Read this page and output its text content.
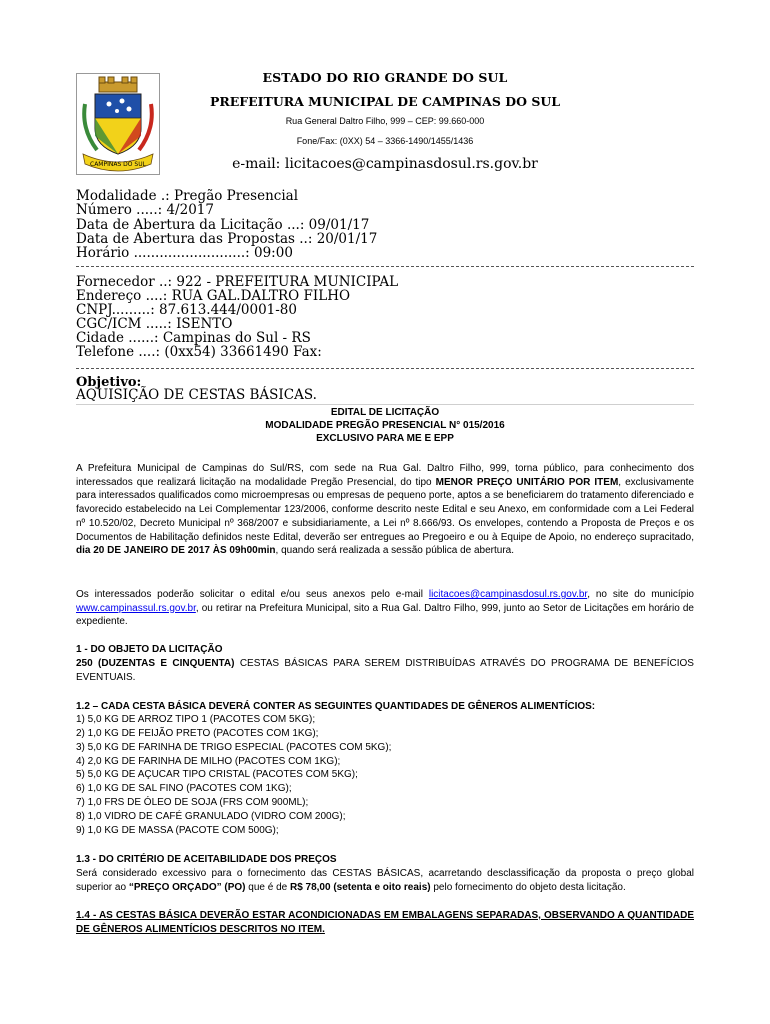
CAMPINAS DO SUL
ESTADO DO RIO GRANDE DO SUL
PREFEITURA MUNICIPAL DE CAMPINAS DO SUL
Rua General Daltro Filho, 999 – CEP: 99.660-000
Fone/Fax: (0XX) 54 – 3366-1490/1455/1436
e-mail: licitacoes@campinasdosul.rs.gov.br
Modalidade .: Pregão Presencial
Número .....: 4/2017
Data de Abertura da Licitação ...: 09/01/17
Data de Abertura das Propostas ..: 20/01/17
Horário ..........................: 09:00
Fornecedor ..: 922 - PREFEITURA MUNICIPAL
Endereço ....: RUA GAL.DALTRO FILHO
CNPJ.........: 87.613.444/0001-80
CGC/ICM .....: ISENTO
Cidade ......: Campinas do Sul - RS
Telefone ....: (0xx54) 33661490 Fax:
Objetivo:
AQUISIÇÃO DE CESTAS BÁSICAS.
EDITAL DE LICITAÇÃO
MODALIDADE PREGÃO PRESENCIAL N° 015/2016
EXCLUSIVO PARA ME E EPP
A Prefeitura Municipal de Campinas do Sul/RS, com sede na Rua Gal. Daltro Filho, 999, torna público, para conhecimento dos interessados que realizará licitação na modalidade Pregão Presencial, do tipo MENOR PREÇO UNITÁRIO POR ITEM, exclusivamente para interessados qualificados como microempresas ou empresas de pequeno porte, aptos a se beneficiarem do tratamento diferenciado e favorecido estabelecido na Lei Complementar 123/2006, conforme descrito neste Edital e seu Anexo, em conformidade com a Lei Federal nº 10.520/02, Decreto Municipal nº 368/2007 e subsidiariamente, a Lei nº 8.666/93. Os envelopes, contendo a Proposta de Preços e os Documentos de Habilitação definidos neste Edital, deverão ser entregues ao Pregoeiro e ou à Equipe de Apoio, no endereço supracitado, dia 20 DE JANEIRO DE 2017 ÀS 09h00min, quando será realizada a sessão pública de abertura.
Os interessados poderão solicitar o edital e/ou seus anexos pelo e-mail licitacoes@campinasdosul.rs.gov.br, no site do município www.campinassul.rs.gov.br, ou retirar na Prefeitura Municipal, sito a Rua Gal. Daltro Filho, 999, junto ao Setor de Licitações em horário de expediente.
1 - DO OBJETO DA LICITAÇÃO
250 (DUZENTAS E CINQUENTA) CESTAS BÁSICAS PARA SEREM DISTRIBUÍDAS ATRAVÉS DO PROGRAMA DE BENEFÍCIOS EVENTUAIS.
1.2 – CADA CESTA BÁSICA DEVERÁ CONTER AS SEGUINTES QUANTIDADES DE GÊNEROS ALIMENTÍCIOS:
1) 5,0 KG DE ARROZ TIPO 1 (PACOTES COM 5KG);
2) 1,0 KG DE FEIJÃO PRETO (PACOTES COM 1KG);
3) 5,0 KG DE FARINHA DE TRIGO ESPECIAL (PACOTES COM 5KG);
4) 2,0 KG DE FARINHA DE MILHO (PACOTES COM 1KG);
5) 5,0 KG DE AÇUCAR TIPO CRISTAL (PACOTES COM 5KG);
6) 1,0 KG DE SAL FINO (PACOTES COM 1KG);
7) 1,0 FRS DE ÓLEO DE SOJA (FRS COM 900ML);
8) 1,0 VIDRO DE CAFÉ GRANULADO (VIDRO COM 200G);
9) 1,0 KG DE MASSA (PACOTE COM 500G);
1.3 - DO CRITÉRIO DE ACEITABILIDADE DOS PREÇOS
Será considerado excessivo para o fornecimento das CESTAS BÁSICAS, acarretando desclassificação da proposta o preço global superior ao “PREÇO ORÇADO” (PO) que é de R$ 78,00 (setenta e oito reais) pelo fornecimento do objeto desta licitação.
1.4 - AS CESTAS BÁSICA DEVERÃO ESTAR ACONDICIONADAS EM EMBALAGENS SEPARADAS, OBSERVANDO A QUANTIDADE DE GÊNEROS ALIMENTÍCIOS DESCRITOS NO ITEM.
